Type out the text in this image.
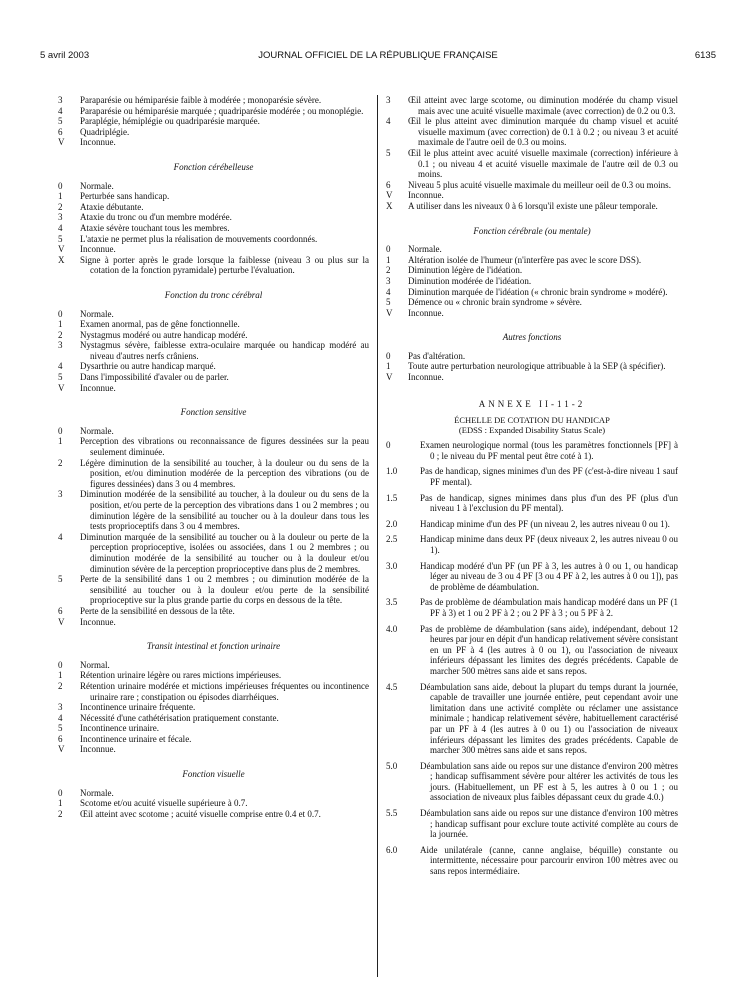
5 avril 2003	JOURNAL OFFICIEL DE LA RÉPUBLIQUE FRANÇAISE	6135
3 Paraparésie ou hémiparésie faible à modérée ; monoparésie sévère.
4 Paraparésie ou hémiparésie marquée ; quadriparésie modérée ; ou monoplégie.
5 Paraplégie, hémiplégie ou quadriparésie marquée.
6 Quadriplégie.
V Inconnue.
Fonction cérébelleuse
0 Normale.
1 Perturbée sans handicap.
2 Ataxie débutante.
3 Ataxie du tronc ou d'un membre modérée.
4 Ataxie sévère touchant tous les membres.
5 L'ataxie ne permet plus la réalisation de mouvements coordonnés.
V Inconnue.
X Signe à porter après le grade lorsque la faiblesse (niveau 3 ou plus sur la cotation de la fonction pyramidale) perturbe l'évaluation.
Fonction du tronc cérébral
0 Normale.
1 Examen anormal, pas de gêne fonctionnelle.
2 Nystagmus modéré ou autre handicap modéré.
3 Nystagmus sévère, faiblesse extra-oculaire marquée ou handicap modéré au niveau d'autres nerfs crâniens.
4 Dysarthrie ou autre handicap marqué.
5 Dans l'impossibilité d'avaler ou de parler.
V Inconnue.
Fonction sensitive
0 Normale.
1 Perception des vibrations ou reconnaissance de figures dessinées sur la peau seulement diminuée.
2 Légère diminution de la sensibilité au toucher, à la douleur ou du sens de la position, et/ou diminution modérée de la perception des vibrations (ou de figures dessinées) dans 3 ou 4 membres.
3 Diminution modérée de la sensibilité au toucher, à la douleur ou du sens de la position, et/ou perte de la perception des vibrations dans 1 ou 2 membres ; ou diminution légère de la sensibilité au toucher ou à la douleur dans tous les tests proprioceptifs dans 3 ou 4 membres.
4 Diminution marquée de la sensibilité au toucher ou à la douleur ou perte de la perception proprioceptive, isolées ou associées, dans 1 ou 2 membres ; ou diminution modérée de la sensibilité au toucher ou à la douleur et/ou diminution sévère de la perception proprioceptive dans plus de 2 membres.
5 Perte de la sensibilité dans 1 ou 2 membres ; ou diminution modérée de la sensibilité au toucher ou à la douleur et/ou perte de la sensibilité proprioceptive sur la plus grande partie du corps en dessous de la tête.
6 Perte de la sensibilité en dessous de la tête.
V Inconnue.
Transit intestinal et fonction urinaire
0 Normal.
1 Rétention urinaire légère ou rares mictions impérieuses.
2 Rétention urinaire modérée et mictions impérieuses fréquentes ou incontinence urinaire rare ; constipation ou épisodes diarrhéiques.
3 Incontinence urinaire fréquente.
4 Nécessité d'une cathétérisation pratiquement constante.
5 Incontinence urinaire.
6 Incontinence urinaire et fécale.
V Inconnue.
Fonction visuelle
0 Normale.
1 Scotome et/ou acuité visuelle supérieure à 0.7.
2 Œil atteint avec scotome ; acuité visuelle comprise entre 0.4 et 0.7.
3 Œil atteint avec large scotome, ou diminution modérée du champ visuel mais avec une acuité visuelle maximale (avec correction) de 0.2 ou 0.3.
4 Œil le plus atteint avec diminution marquée du champ visuel et acuité visuelle maximum (avec correction) de 0.1 à 0.2 ; ou niveau 3 et acuité maximale de l'autre oeil de 0.3 ou moins.
5 Œil le plus atteint avec acuité visuelle maximale (correction) inférieure à 0.1 ; ou niveau 4 et acuité visuelle maximale de l'autre œil de 0.3 ou moins.
6 Niveau 5 plus acuité visuelle maximale du meilleur oeil de 0.3 ou moins.
V Inconnue.
X A utiliser dans les niveaux 0 à 6 lorsqu'il existe une pâleur temporale.
Fonction cérébrale (ou mentale)
0 Normale.
1 Altération isolée de l'humeur (n'interfère pas avec le score DSS).
2 Diminution légère de l'idéation.
3 Diminution modérée de l'idéation.
4 Diminution marquée de l'idéation (« chronic brain syndrome » modéré).
5 Démence ou « chronic brain syndrome » sévère.
V Inconnue.
Autres fonctions
0 Pas d'altération.
1 Toute autre perturbation neurologique attribuable à la SEP (à spécifier).
V Inconnue.
ANNEXE II-11-2
ÉCHELLE DE COTATION DU HANDICAP
(EDSS : Expanded Disability Status Scale)
0	Examen neurologique normal (tous les paramètres fonctionnels [PF] à 0 ; le niveau du PF mental peut être coté à 1).
1.0	Pas de handicap, signes minimes d'un des PF (c'est-à-dire niveau 1 sauf PF mental).
1.5	Pas de handicap, signes minimes dans plus d'un des PF (plus d'un niveau 1 à l'exclusion du PF mental).
2.0	Handicap minime d'un des PF (un niveau 2, les autres niveau 0 ou 1).
2.5	Handicap minime dans deux PF (deux niveaux 2, les autres niveau 0 ou 1).
3.0	Handicap modéré d'un PF (un PF à 3, les autres à 0 ou 1, ou handicap léger au niveau de 3 ou 4 PF [3 ou 4 PF à 2, les autres à 0 ou 1]), pas de problème de déambulation.
3.5	Pas de problème de déambulation mais handicap modéré dans un PF (1 PF à 3) et 1 ou 2 PF à 2 ; ou 2 PF à 3 ; ou 5 PF à 2.
4.0	Pas de problème de déambulation (sans aide), indépendant, debout 12 heures par jour en dépit d'un handicap relativement sévère consistant en un PF à 4 (les autres à 0 ou 1), ou l'association de niveaux inférieurs dépassant les limites des degrés précédents. Capable de marcher 500 mètres sans aide et sans repos.
4.5	Déambulation sans aide, debout la plupart du temps durant la journée, capable de travailler une journée entière, peut cependant avoir une limitation dans une activité complète ou réclamer une assistance minimale ; handicap relativement sévère, habituellement caractérisé par un PF à 4 (les autres à 0 ou 1) ou l'association de niveaux inférieurs dépassant les limites des grades précédents. Capable de marcher 300 mètres sans aide et sans repos.
5.0	Déambulation sans aide ou repos sur une distance d'environ 200 mètres ; handicap suffisamment sévère pour altérer les activités de tous les jours. (Habituellement, un PF est à 5, les autres à 0 ou 1 ; ou association de niveaux plus faibles dépassant ceux du grade 4.0.)
5.5	Déambulation sans aide ou repos sur une distance d'environ 100 mètres ; handicap suffisant pour exclure toute activité complète au cours de la journée.
6.0	Aide unilatérale (canne, canne anglaise, béquille) constante ou intermittente, nécessaire pour parcourir environ 100 mètres avec ou sans repos intermédiaire.
